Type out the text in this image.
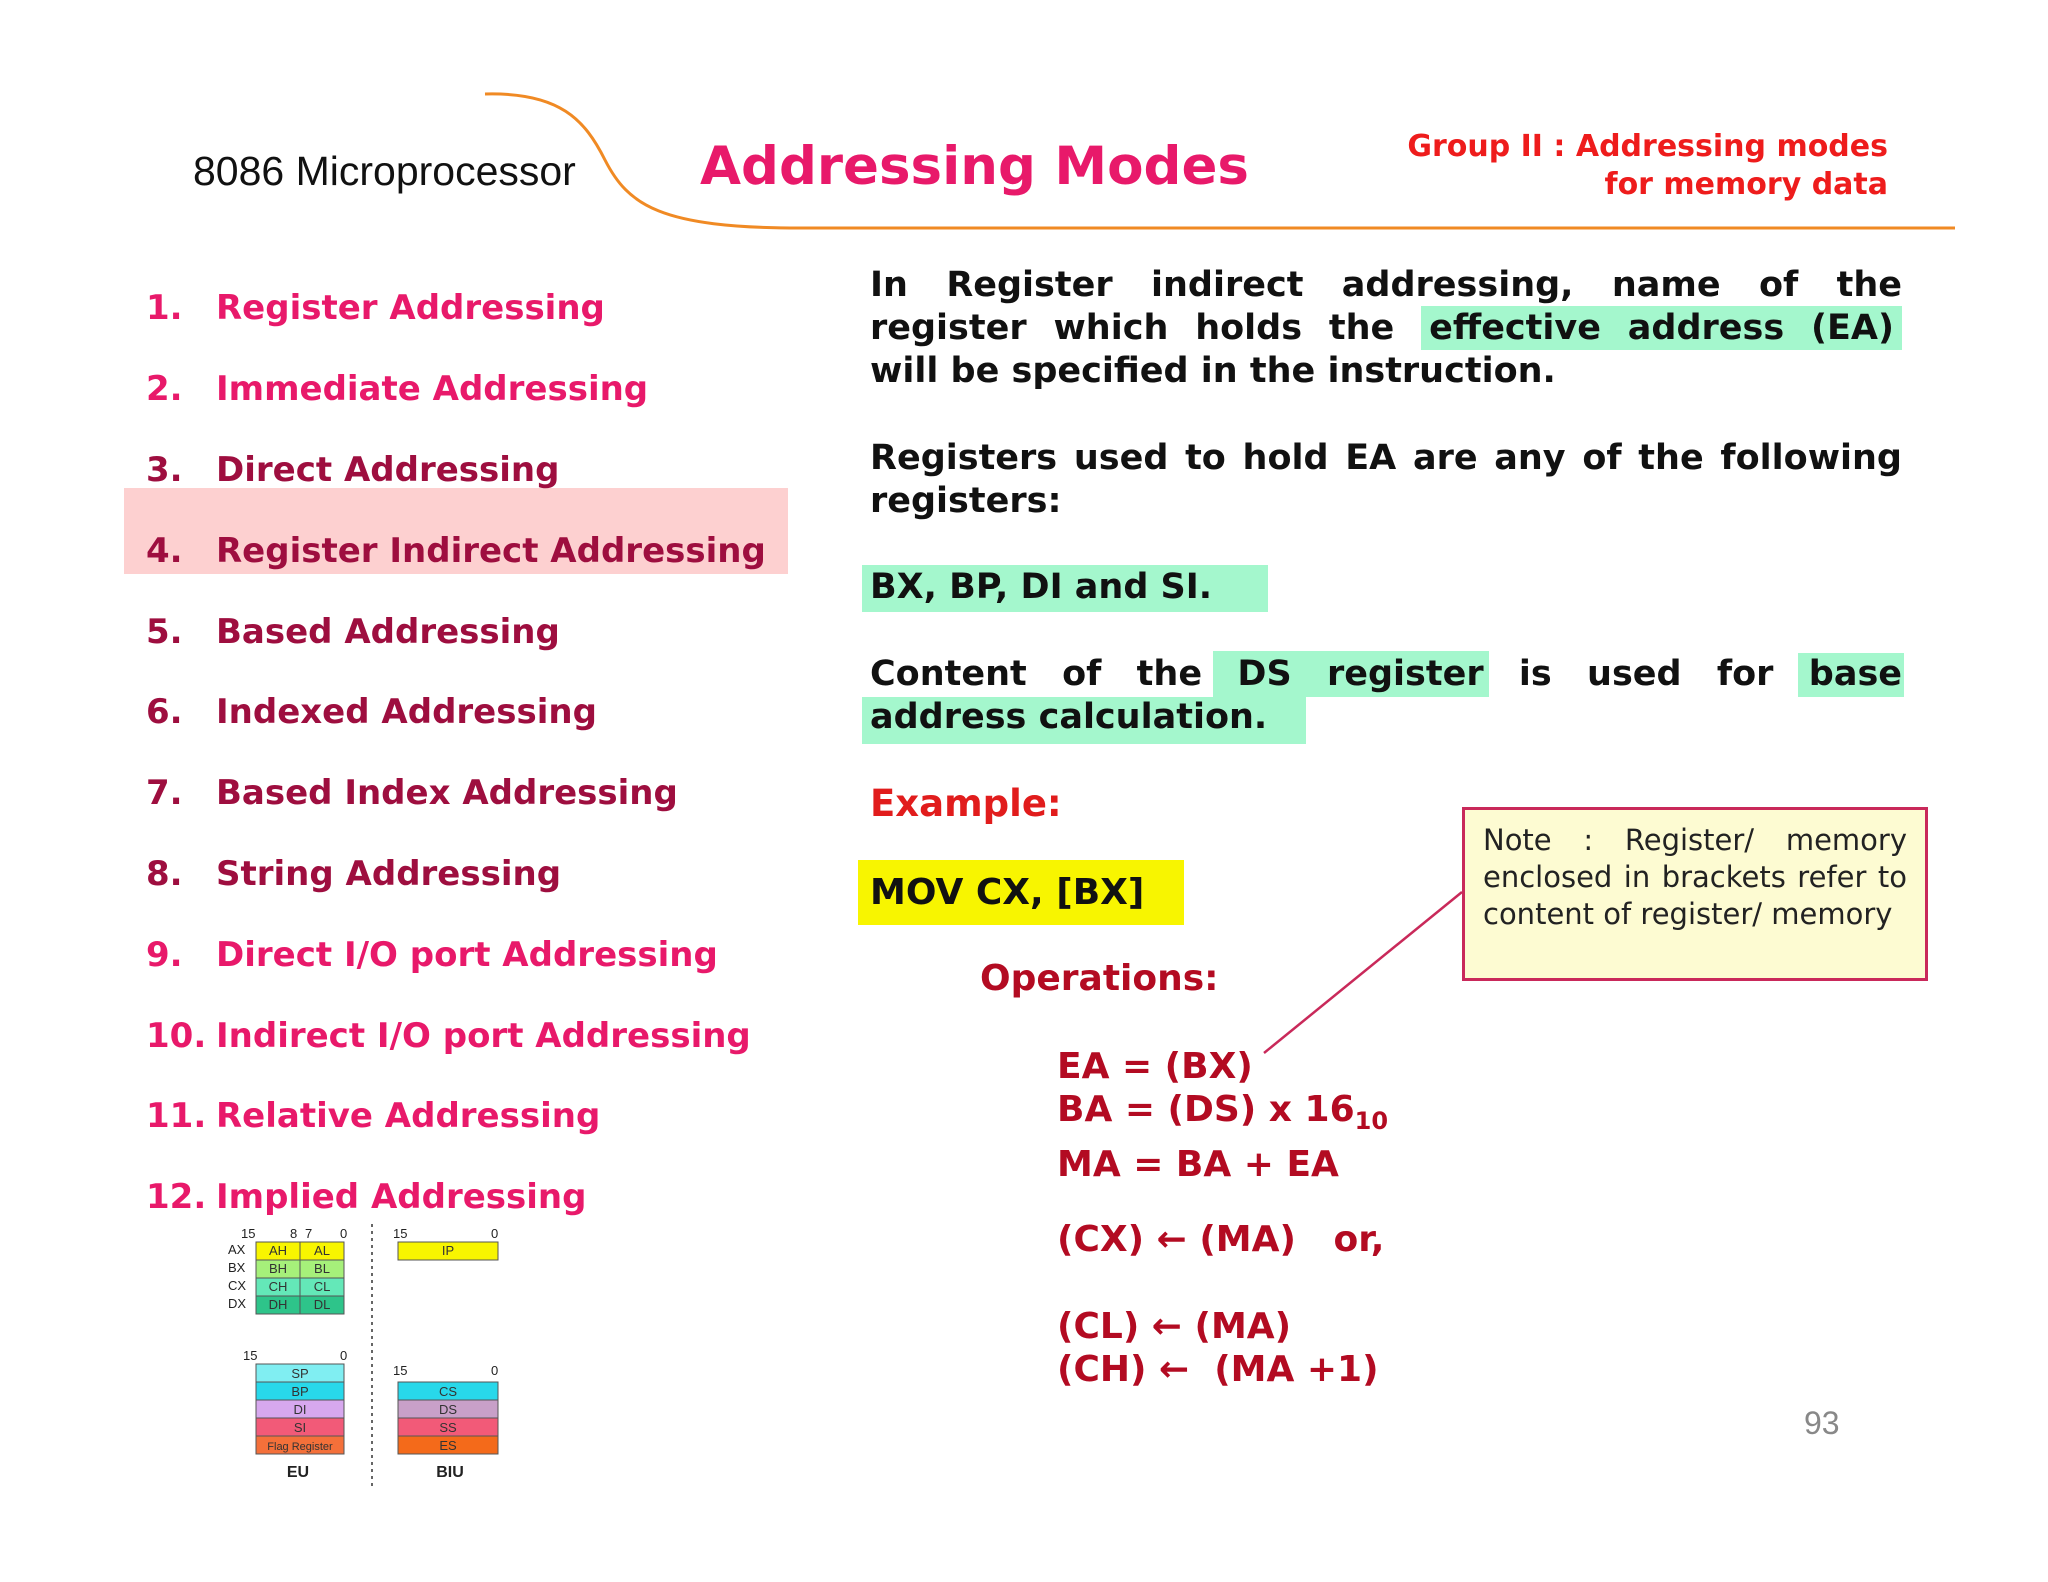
8086 Microprocessor Addressing Modes	Group II : Addressing modes
for memory data
1. Register Addressing
2. Immediate Addressing
3. Direct Addressing
4. Register Indirect Addressing
5. Based Addressing
6. Indexed Addressing
7. Based Index Addressing
8. String Addressing
9. Direct I/O port Addressing
10. Indirect I/O port Addressing
11. Relative Addressing
12. Implied Addressing
15	8 7 0
AX
BX
CX
DX
AH AL
BH BL
CH CL
DH DL
15	0
SP
BP
DI
SI
Flag Register
EU
15	0
IP
15	0
CS
DS
SS
ES
BIU
In Register indirect addressing, name of the
register which holds the effective address (EA)
will be specified in the instruction.
Registers used to hold EA are any of the following
registers:
BX, BP, DI and SI.
Content of the DS register is used for base
address calculation.
Example:
MOV CX, [BX]
Operations:
EA = (BX)
BA = (DS) x $16_{10}$
MA = BA + EA
(CX) ← (MA)   or,
(CL) ← (MA)
(CH) ←  (MA +1)
Note : Register/ memory enclosed in brackets refer to content of register/ memory
93
